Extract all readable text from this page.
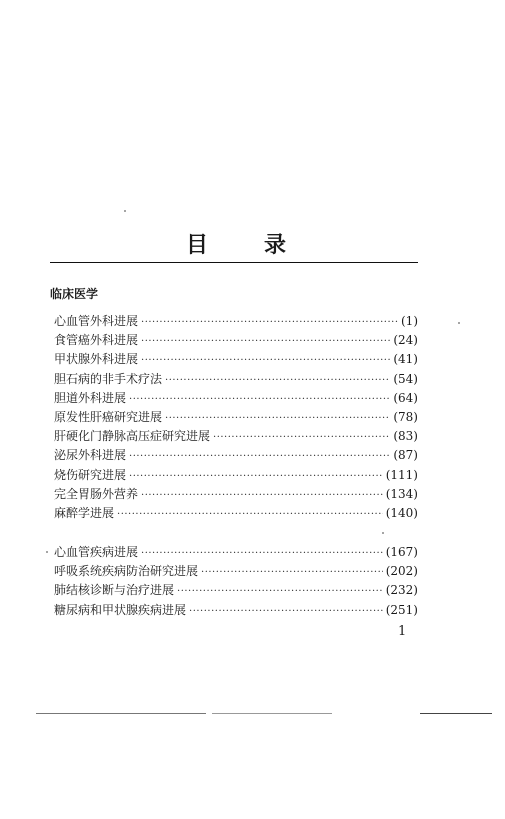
目	录
临床医学
心血管外科进展 ·····	(1)
食管癌外科进展 ·····	(24)
甲状腺外科进展 ·····	(41)
胆石病的非手术疗法 ·····	(54)
胆道外科进展 ·····	(64)
原发性肝癌研究进展 ·····	(78)
肝硬化门静脉高压症研究进展 ·····	(83)
泌尿外科进展 ·····	(87)
烧伤研究进展 ·····	(111)
完全胃肠外营养 ·····	(134)
麻醉学进展 ·····	(140)
心血管疾病进展 ·····	(167)
呼吸系统疾病防治研究进展 ·····	(202)
肺结核诊断与治疗进展 ·····	(232)
糖尿病和甲状腺疾病进展 ·····	(251)
1
